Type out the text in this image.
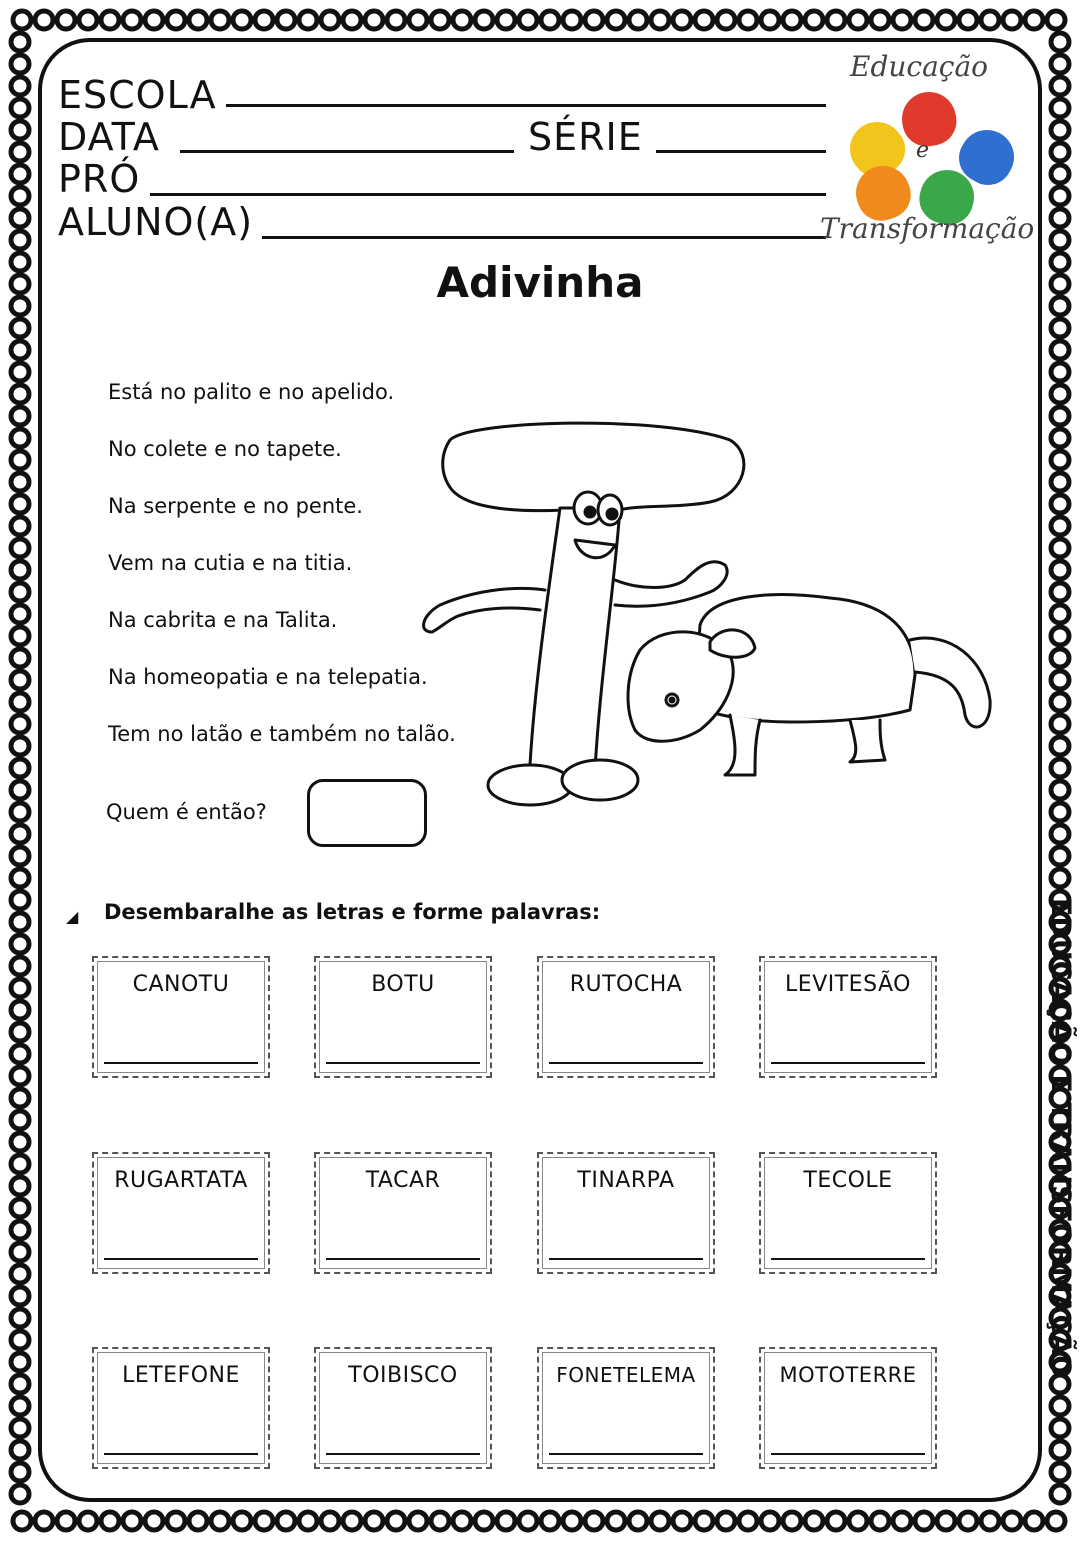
ESCOLA
DATA	SÉRIE
PRÓ
ALUNO(A)
Educação
e
Transformação
Adivinha
Está no palito e no apelido.
No colete e no tapete.
Na serpente e no pente.
Vem na cutia e na titia.
Na cabrita e na Talita.
Na homeopatia e na telepatia.
Tem no latão e também no talão.
Quem é então?
◢ Desembaralhe as letras e forme palavras:
CANOTU	BOTU	RUTOCHA	LEVITESÃO
RUGARTATA	TACAR	TINARPA	TECOLE
LETEFONE	TOIBISCO	FONETELEMA	MOTOTERRE	EDUCAÇÃO E TRANSFORMAÇÃO
